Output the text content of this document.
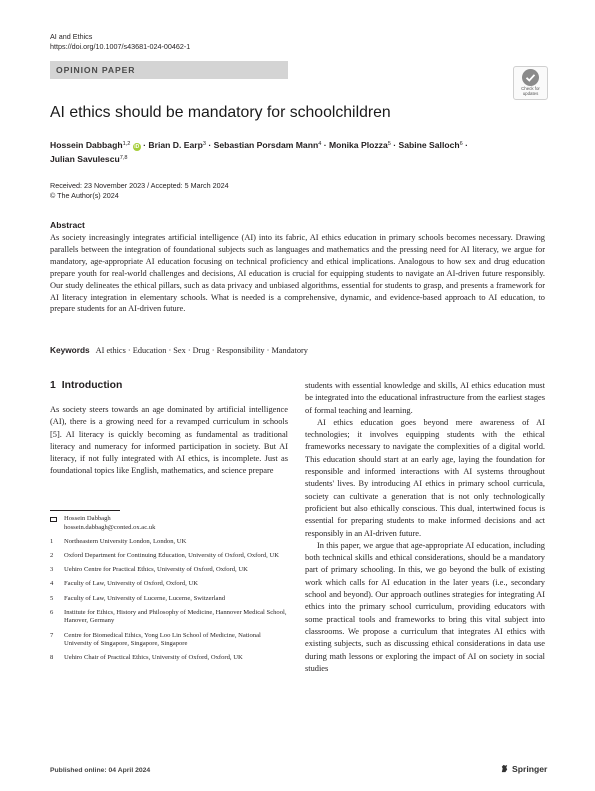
AI and Ethics
https://doi.org/10.1007/s43681-024-00462-1
OPINION PAPER
Check for updates
AI ethics should be mandatory for schoolchildren
Hossein Dabbagh$^{1,2}$ iD · Brian D. Earp$^3$ · Sebastian Porsdam Mann$^4$ · Monika Plozza$^5$ · Sabine Salloch$^6$ ·
Julian Savulescu$^{7,8}$
Received: 23 November 2023 / Accepted: 5 March 2024
© The Author(s) 2024
Abstract
As society increasingly integrates artificial intelligence (AI) into its fabric, AI ethics education in primary schools becomes necessary. Drawing parallels between the integration of foundational subjects such as languages and mathematics and the pressing need for AI literacy, we argue for mandatory, age-appropriate AI education focusing on technical proficiency and ethical implications. Analogous to how sex and drug education prepare youth for real-world challenges and decisions, AI education is crucial for equipping students to navigate an AI-driven future responsibly. Our study delineates the ethical pillars, such as data privacy and unbiased algorithms, essential for students to grasp, and presents a framework for AI literacy integration in elementary schools. What is needed is a comprehensive, dynamic, and evidence-based approach to AI education, to prepare students for an AI-driven future.
Keywords AI ethics · Education · Sex · Drug · Responsibility · Mandatory
1 Introduction
As society steers towards an age dominated by artificial intelligence (AI), there is a growing need for a revamped curriculum in schools [5]. AI literacy is quickly becoming as fundamental as traditional literacy and numeracy for informed participation in society. But AI literacy, if not fully integrated with AI ethics, is incomplete. Just as foundational topics like English, mathematics, and science prepare

students with essential knowledge and skills, AI ethics education must be integrated into the educational infrastructure from the earliest stages of formal teaching and learning.

AI ethics education goes beyond mere awareness of AI technologies; it involves equipping students with the ethical frameworks necessary to navigate the complexities of a digital world. This education should start at an early age, laying the foundation for responsible and informed interactions with AI systems throughout students' lives. By introducing AI ethics in primary school curricula, society can cultivate a generation that is not only technologically proficient but also ethically conscious. This dual, intertwined focus is essential for preparing students to make informed decisions and act responsibly in an AI-driven future.

In this paper, we argue that age-appropriate AI education, including both technical skills and ethical considerations, should be a mandatory part of primary schooling. In this, we go beyond the bulk of existing work which calls for AI education in the later years (i.e., secondary school and beyond). Our approach outlines strategies for integrating AI ethics into the primary school curriculum, providing educators with some practical tools and frameworks to bring this vital subject into classrooms. We propose a curriculum that integrates AI ethics with existing subjects, such as discussing ethical considerations in data use during math lessons or exploring the impact of AI on society in social studies

Hossein Dabbagh
hossein.dabbagh@conted.ox.ac.uk
1 Northeastern University London, London, UK
2 Oxford Department for Continuing Education, University of Oxford, Oxford, UK
3 Uehiro Centre for Practical Ethics, University of Oxford, Oxford, UK
4 Faculty of Law, University of Oxford, Oxford, UK
5 Faculty of Law, University of Lucerne, Lucerne, Switzerland
6 Institute for Ethics, History and Philosophy of Medicine, Hannover Medical School, Hanover, Germany
7 Centre for Biomedical Ethics, Yong Loo Lin School of Medicine, National University of Singapore, Singapore, Singapore
8 Uehiro Chair of Practical Ethics, University of Oxford, Oxford, UK
Published online: 04 April 2024	Springer
